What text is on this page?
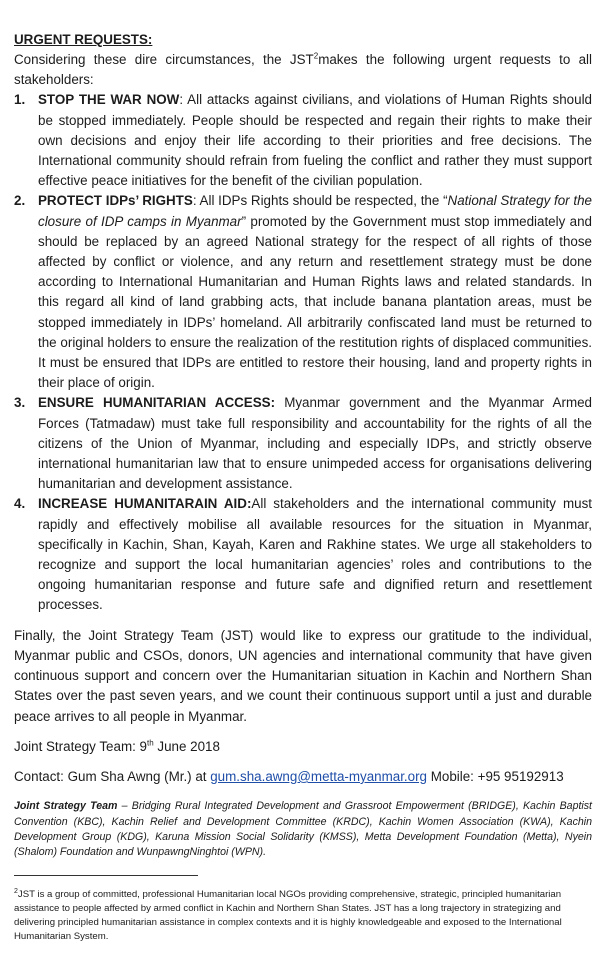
URGENT REQUESTS:

Considering these dire circumstances, the JST$^2$makes the following urgent requests to all stakeholders:

1. STOP THE WAR NOW: All attacks against civilians, and violations of Human Rights should be stopped immediately. People should be respected and regain their rights to make their own decisions and enjoy their life according to their priorities and free decisions. The International community should refrain from fueling the conflict and rather they must support effective peace initiatives for the benefit of the civilian population.
2. PROTECT IDPs’ RIGHTS: All IDPs Rights should be respected, the “National Strategy for the closure of IDP camps in Myanmar” promoted by the Government must stop immediately and should be replaced by an agreed National strategy for the respect of all rights of those affected by conflict or violence, and any return and resettlement strategy must be done according to International Humanitarian and Human Rights laws and related standards. In this regard all kind of land grabbing acts, that include banana plantation areas, must be stopped immediately in IDPs’ homeland. All arbitrarily confiscated land must be returned to the original holders to ensure the realization of the restitution rights of displaced communities. It must be ensured that IDPs are entitled to restore their housing, land and property rights in their place of origin.
3. ENSURE HUMANITARIAN ACCESS: Myanmar government and the Myanmar Armed Forces (Tatmadaw) must take full responsibility and accountability for the rights of all the citizens of the Union of Myanmar, including and especially IDPs, and strictly observe international humanitarian law that to ensure unimpeded access for organisations delivering humanitarian and development assistance.
4. INCREASE HUMANITARAIN AID:All stakeholders and the international community must rapidly and effectively mobilise all available resources for the situation in Myanmar, specifically in Kachin, Shan, Kayah, Karen and Rakhine states. We urge all stakeholders to recognize and support the local humanitarian agencies’ roles and contributions to the ongoing humanitarian response and future safe and dignified return and resettlement processes.

Finally, the Joint Strategy Team (JST) would like to express our gratitude to the individual, Myanmar public and CSOs, donors, UN agencies and international community that have given continuous support and concern over the Humanitarian situation in Kachin and Northern Shan States over the past seven years, and we count their continuous support until a just and durable peace arrives to all people in Myanmar.

Joint Strategy Team: 9th June 2018

Contact: Gum Sha Awng (Mr.) at gum.sha.awng@metta-myanmar.org Mobile: +95 95192913

Joint Strategy Team – Bridging Rural Integrated Development and Grassroot Empowerment (BRIDGE), Kachin Baptist Convention (KBC), Kachin Relief and Development Committee (KRDC), Kachin Women Association (KWA), Kachin Development Group (KDG), Karuna Mission Social Solidarity (KMSS), Metta Development Foundation (Metta), Nyein (Shalom) Foundation and WunpawngNinghtoi (WPN).

$^2$JST is a group of committed, professional Humanitarian local NGOs providing comprehensive, strategic, principled humanitarian assistance to people affected by armed conflict in Kachin and Northern Shan States. JST has a long trajectory in strategizing and delivering principled humanitarian assistance in complex contexts and it is highly knowledgeable and exposed to the International Humanitarian System.
